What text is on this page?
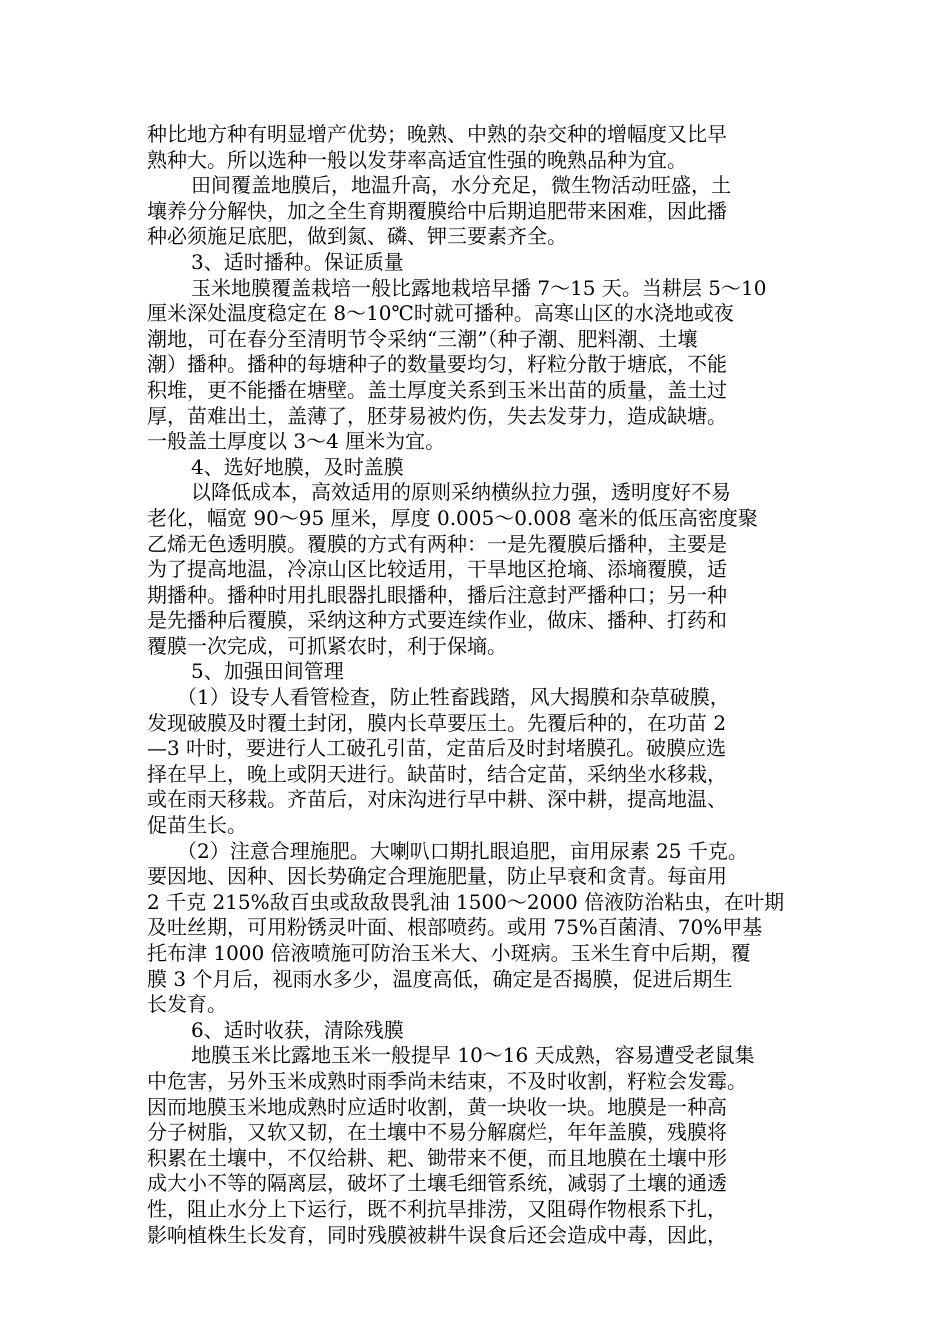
种比地方种有明显增产优势；晚熟、中熟的杂交种的增幅度又比早

熟种大。所以选种一般以发芽率高适宜性强的晚熟品种为宜。

田间覆盖地膜后，地温升高，水分充足，微生物活动旺盛，土

壤养分分解快，加之全生育期覆膜给中后期追肥带来困难，因此播

种必须施足底肥，做到氮、磷、钾三要素齐全。

3、适时播种。保证质量

玉米地膜覆盖栽培一般比露地栽培早播 7～15 天。当耕层 5～10

厘米深处温度稳定在 8～10℃时就可播种。高寒山区的水浇地或夜

潮地，可在春分至清明节令采纳“三潮”（种子潮、肥料潮、土壤

潮）播种。播种的每塘种子的数量要均匀，籽粒分散于塘底，不能

积堆，更不能播在塘壁。盖土厚度关系到玉米出苗的质量，盖土过

厚，苗难出土，盖薄了，胚芽易被灼伤，失去发芽力，造成缺塘。

一般盖土厚度以 3～4 厘米为宜。

4、选好地膜，及时盖膜

以降低成本，高效适用的原则采纳横纵拉力强，透明度好不易

老化，幅宽 90～95 厘米，厚度 0.005～0.008 毫米的低压高密度聚

乙烯无色透明膜。覆膜的方式有两种：一是先覆膜后播种，主要是

为了提高地温，冷凉山区比较适用，干旱地区抢墒、添墒覆膜，适

期播种。播种时用扎眼器扎眼播种，播后注意封严播种口；另一种

是先播种后覆膜，采纳这种方式要连续作业，做床、播种、打药和

覆膜一次完成，可抓紧农时，利于保墒。

5、加强田间管理

（1）设专人看管检查，防止牲畜践踏，风大揭膜和杂草破膜，

发现破膜及时覆土封闭，膜内长草要压土。先覆后种的，在功苗 2

—3 叶时，要进行人工破孔引苗，定苗后及时封堵膜孔。破膜应选

择在早上，晚上或阴天进行。缺苗时，结合定苗，采纳坐水移栽，

或在雨天移栽。齐苗后，对床沟进行早中耕、深中耕，提高地温、

促苗生长。

（2）注意合理施肥。大喇叭口期扎眼追肥，亩用尿素 25 千克。

要因地、因种、因长势确定合理施肥量，防止早衰和贪青。每亩用

2 千克 215%敌百虫或敌敌畏乳油 1500～2000 倍液防治粘虫，在叶期

及吐丝期，可用粉锈灵叶面、根部喷药。或用 75%百菌清、70%甲基

托布津 1000 倍液喷施可防治玉米大、小斑病。玉米生育中后期，覆

膜 3 个月后，视雨水多少，温度高低，确定是否揭膜，促进后期生

长发育。

6、适时收获，清除残膜

地膜玉米比露地玉米一般提早 10～16 天成熟，容易遭受老鼠集

中危害，另外玉米成熟时雨季尚未结束，不及时收割，籽粒会发霉。

因而地膜玉米地成熟时应适时收割，黄一块收一块。地膜是一种高

分子树脂，又软又韧，在土壤中不易分解腐烂，年年盖膜，残膜将

积累在土壤中，不仅给耕、耙、锄带来不便，而且地膜在土壤中形

成大小不等的隔离层，破坏了土壤毛细管系统，减弱了土壤的通透

性，阻止水分上下运行，既不利抗旱排涝，又阻碍作物根系下扎，

影响植株生长发育，同时残膜被耕牛误食后还会造成中毒，因此，
